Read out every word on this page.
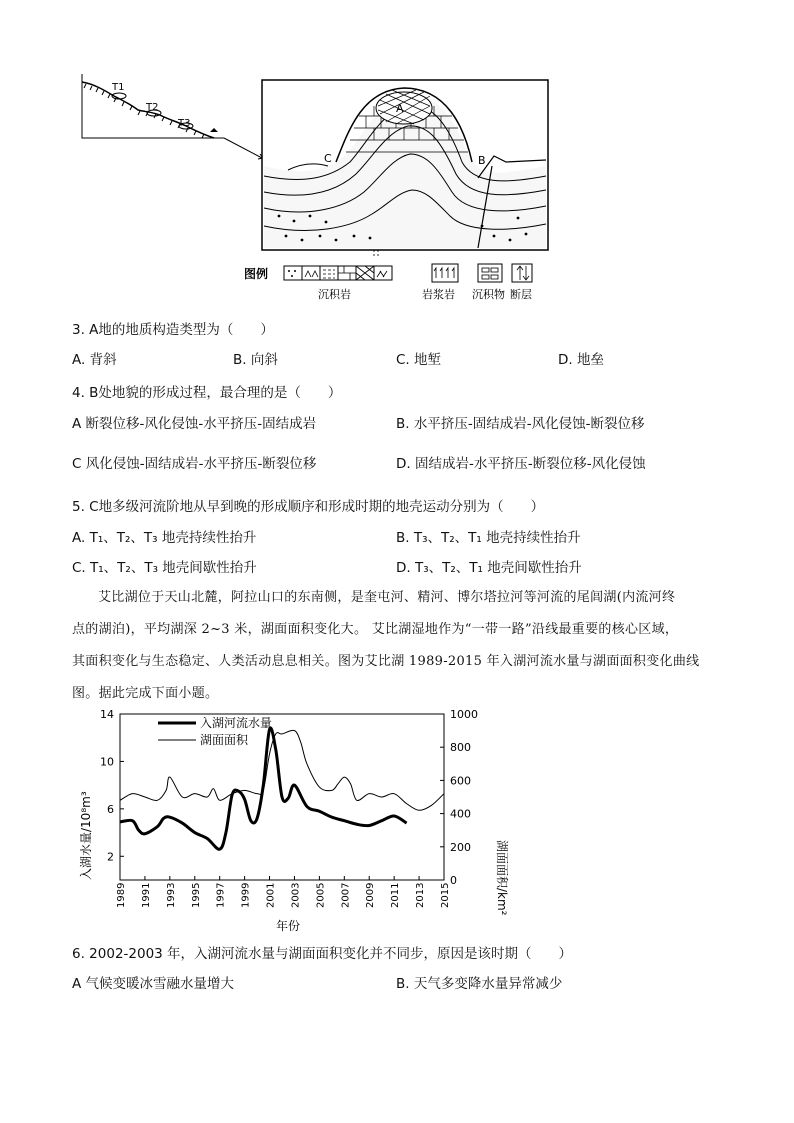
T1
T2
T3
A
B
C
图例
沉积岩	岩浆岩 沉积物 断层
3. A地的地质构造类型为（　　）
A. 背斜	B. 向斜	C. 地堑	D. 地垒
4. B处地貌的形成过程，最合理的是（　　）
A 断裂位移-风化侵蚀-水平挤压-固结成岩	B. 水平挤压-固结成岩-风化侵蚀-断裂位移
C 风化侵蚀-固结成岩-水平挤压-断裂位移	D. 固结成岩-水平挤压-断裂位移-风化侵蚀
5. C地多级河流阶地从早到晚的形成顺序和形成时期的地壳运动分别为（　　）
A. T₁、T₂、T₃ 地壳持续性抬升	B. T₃、T₂、T₁ 地壳持续性抬升
C. T₁、T₂、T₃ 地壳间歇性抬升	D. T₃、T₂、T₁ 地壳间歇性抬升
艾比湖位于天山北麓，阿拉山口的东南侧，是奎屯河、精河、博尔塔拉河等河流的尾闾湖(内流河终
点的湖泊)，平均湖深 2~3 米，湖面面积变化大。 艾比湖湿地作为“一带一路”沿线最重要的核心区域，
其面积变化与生态稳定、人类活动息息相关。图为艾比湖 1989-2015 年入湖河流水量与湖面面积变化曲线
图。据此完成下面小题。
1989 1991 1993 1995 1997 1999 2001 2003 2005 2007 2009 2011 2013 2015
2
6
10
14
0
200
400
600
800
1000
入湖河流水量
湖面面积
入湖水量/10⁸m³	湖面面积/km²
年份
6. 2002-2003 年，入湖河流水量与湖面面积变化并不同步，原因是该时期（　　）
A 气候变暖冰雪融水量增大	B. 天气多变降水量异常减少
